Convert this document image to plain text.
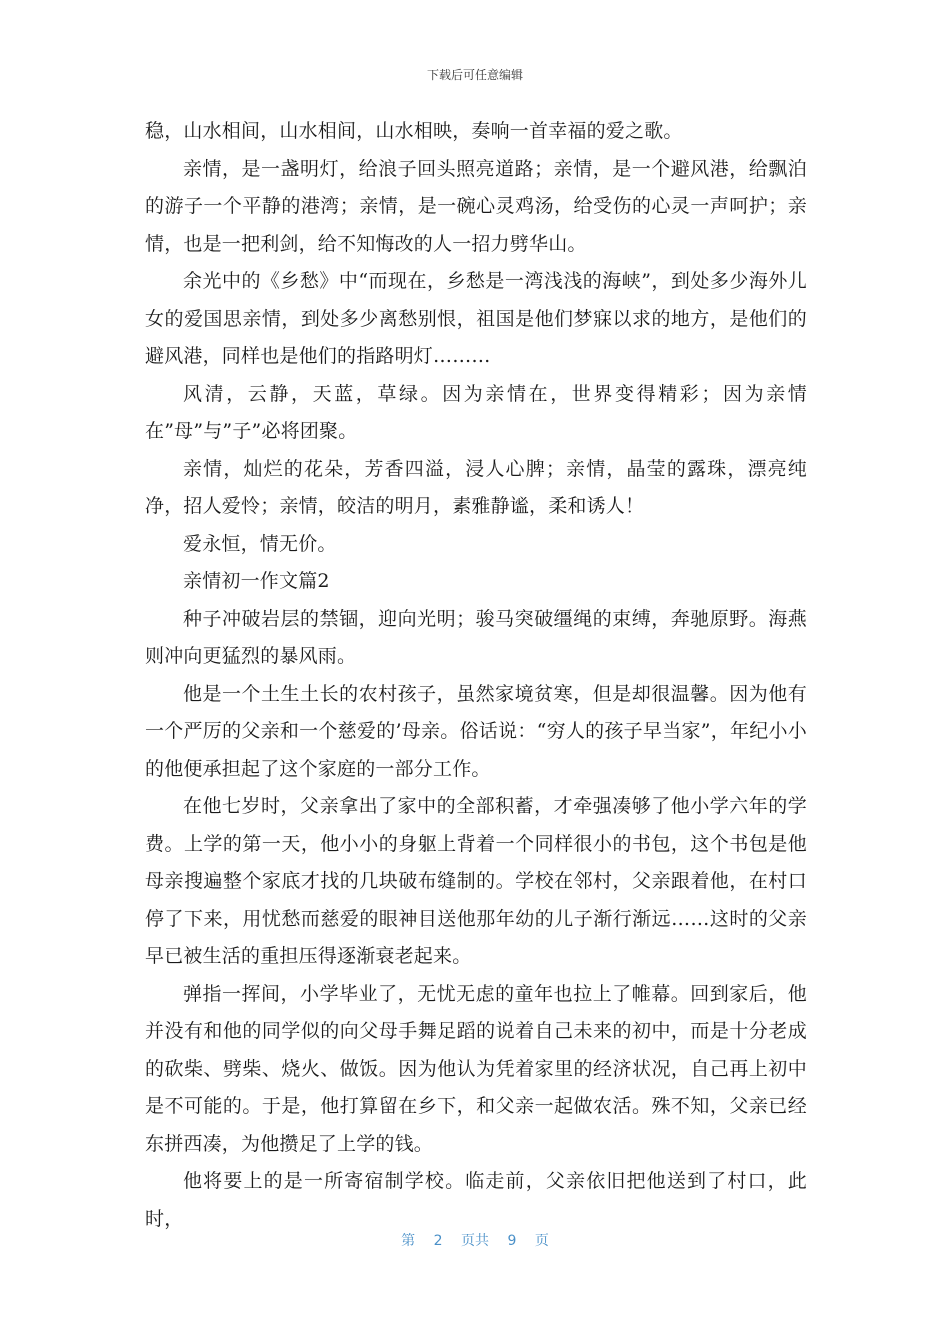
下载后可任意编辑

稳，山水相间，山水相间，山水相映，奏响一首幸福的爱之歌。

亲情，是一盏明灯，给浪子回头照亮道路；亲情，是一个避风港，给飘泊的游子一个平静的港湾；亲情，是一碗心灵鸡汤，给受伤的心灵一声呵护；亲情，也是一把利剑，给不知悔改的人一招力劈华山。

余光中的《乡愁》中“而现在，乡愁是一湾浅浅的海峡”，到处多少海外儿女的爱国思亲情，到处多少离愁别恨，祖国是他们梦寐以求的地方，是他们的避风港，同样也是他们的指路明灯………

风清，云静，天蓝，草绿。因为亲情在，世界变得精彩；因为亲情在”母”与”子”必将团聚。

亲情，灿烂的花朵，芳香四溢，浸人心脾；亲情，晶莹的露珠，漂亮纯净，招人爱怜；亲情，皎洁的明月，素雅静谧，柔和诱人！

爱永恒，情无价。

亲情初一作文篇2

种子冲破岩层的禁锢，迎向光明；骏马突破缰绳的束缚，奔驰原野。海燕则冲向更猛烈的暴风雨。

他是一个土生土长的农村孩子，虽然家境贫寒，但是却很温馨。因为他有一个严厉的父亲和一个慈爱的’母亲。俗话说：“穷人的孩子早当家”，年纪小小的他便承担起了这个家庭的一部分工作。

在他七岁时，父亲拿出了家中的全部积蓄，才牵强凑够了他小学六年的学费。上学的第一天，他小小的身躯上背着一个同样很小的书包，这个书包是他母亲搜遍整个家底才找的几块破布缝制的。学校在邻村，父亲跟着他，在村口停了下来，用忧愁而慈爱的眼神目送他那年幼的儿子渐行渐远……这时的父亲早已被生活的重担压得逐渐衰老起来。

弹指一挥间，小学毕业了，无忧无虑的童年也拉上了帷幕。回到家后，他并没有和他的同学似的向父母手舞足蹈的说着自己未来的初中，而是十分老成的砍柴、劈柴、烧火、做饭。因为他认为凭着家里的经济状况，自己再上初中是不可能的。于是，他打算留在乡下，和父亲一起做农活。殊不知，父亲已经东拼西凑，为他攒足了上学的钱。

他将要上的是一所寄宿制学校。临走前，父亲依旧把他送到了村口，此时，

第 2 页共 9 页
